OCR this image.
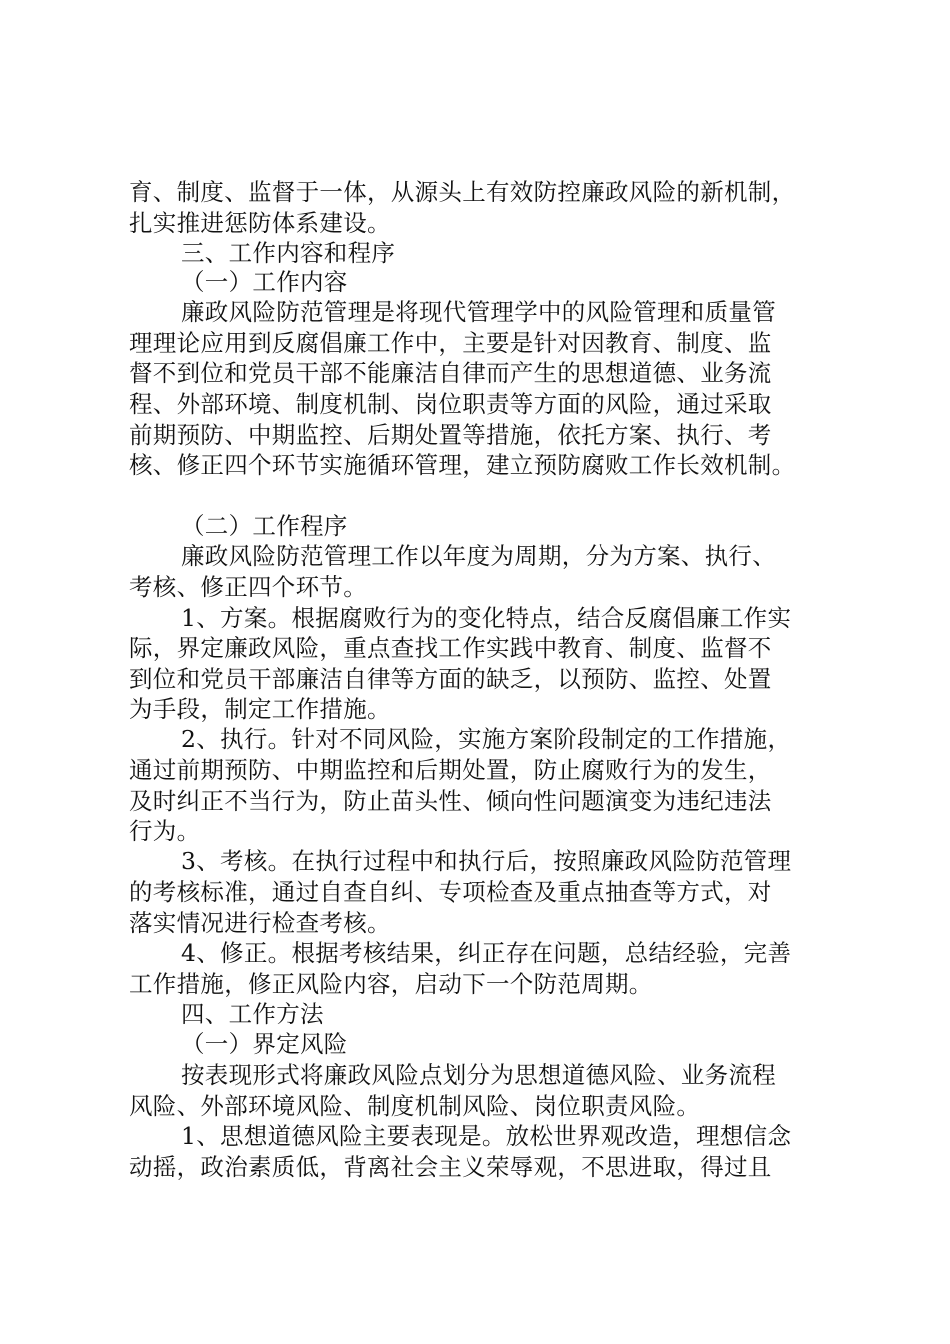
育、制度、监督于一体，从源头上有效防控廉政风险的新机制，
扎实推进惩防体系建设。
三、工作内容和程序
（一）工作内容
廉政风险防范管理是将现代管理学中的风险管理和质量管
理理论应用到反腐倡廉工作中，主要是针对因教育、制度、监
督不到位和党员干部不能廉洁自律而产生的思想道德、业务流
程、外部环境、制度机制、岗位职责等方面的风险，通过采取
前期预防、中期监控、后期处置等措施，依托方案、执行、考
核、修正四个环节实施循环管理，建立预防腐败工作长效机制。
（二）工作程序
廉政风险防范管理工作以年度为周期，分为方案、执行、
考核、修正四个环节。
1、方案。根据腐败行为的变化特点，结合反腐倡廉工作实
际，界定廉政风险，重点查找工作实践中教育、制度、监督不
到位和党员干部廉洁自律等方面的缺乏，以预防、监控、处置
为手段，制定工作措施。
2、执行。针对不同风险，实施方案阶段制定的工作措施，
通过前期预防、中期监控和后期处置，防止腐败行为的发生，
及时纠正不当行为，防止苗头性、倾向性问题演变为违纪违法
行为。
3、考核。在执行过程中和执行后，按照廉政风险防范管理
的考核标准，通过自查自纠、专项检查及重点抽查等方式，对
落实情况进行检查考核。
4、修正。根据考核结果，纠正存在问题，总结经验，完善
工作措施，修正风险内容，启动下一个防范周期。
四、工作方法
（一）界定风险
按表现形式将廉政风险点划分为思想道德风险、业务流程
风险、外部环境风险、制度机制风险、岗位职责风险。
1、思想道德风险主要表现是。放松世界观改造，理想信念
动摇，政治素质低，背离社会主义荣辱观，不思进取，得过且
